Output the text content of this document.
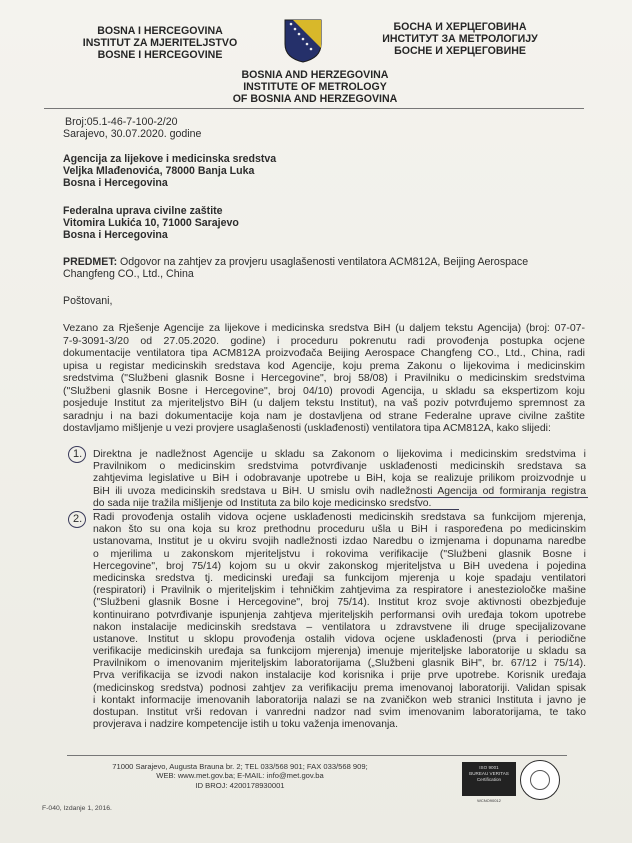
BOSNA I HERCEGOVINA
INSTITUT ZA MJERITELJSTVO
BOSNE I HERCEGOVINE
БОСНА И ХЕРЦЕГОВИНА
ИНСТИТУТ ЗА МЕТРОЛОГИЈУ
БОСНЕ И ХЕРЦЕГОВИНЕ
BOSNIA AND HERZEGOVINA
INSTITUTE OF METROLOGY
OF BOSNIA AND HERZEGOVINA
Broj:05.1-46-7-100-2/20
Sarajevo, 30.07.2020. godine
Agencija za lijekove i medicinska sredstva
Veljka Mlađenovića, 78000 Banja Luka
Bosna i Hercegovina
Federalna uprava civilne zaštite
Vitomira Lukića 10, 71000 Sarajevo
Bosna i Hercegovina
PREDMET: Odgovor na zahtjev za provjeru usaglašenosti ventilatora ACM812A, Beijing Aerospace
Changfeng CO., Ltd., China
Poštovani,
Vezano za Rješenje Agencije za lijekove i medicinska sredstva BiH (u daljem tekstu Agencija) (broj: 07-07-
7-9-3091-3/20 od 27.05.2020. godine) i proceduru pokrenutu radi provođenja postupka ocjene
dokumentacije ventilatora tipa ACM812A proizvođača Beijing Aerospace Changfeng CO., Ltd., China, radi
upisa u registar medicinskih sredstava kod Agencije, koju prema Zakonu o lijekovima i medicinskim
sredstvima ("Službeni glasnik Bosne i Hercegovine", broj 58/08) i Pravilniku o medicinskim sredstvima
("Službeni glasnik Bosne i Hercegovine", broj 04/10) provodi Agencija, u skladu sa ekspertizom koju
posjeduje Institut za mjeriteljstvo BiH (u daljem tekstu Institut), na vaš poziv potvrđujemo spremnost za
saradnju i na bazi dokumentacije koja nam je dostavljena od strane Federalne uprave civilne zaštite
dostavljamo mišljenje u vezi provjere usaglašenosti (usklađenosti) ventilatora tipa ACM812A, kako slijedi:
1. Direktna je nadležnost Agencije u skladu sa Zakonom o lijekovima i medicinskim sredstvima i
Pravilnikom o medicinskim sredstvima potvrđivanje usklađenosti medicinskih sredstava sa
zahtjevima legislative u BiH i odobravanje upotrebe u BiH, koja se realizuje prilikom proizvodnje u
BiH ili uvoza medicinskih sredstava u BiH. U smislu ovih nadležnosti Agencija od formiranja registra
do sada nije tražila mišljenje od Instituta za bilo koje medicinsko sredstvo.
2. Radi provođenja ostalih vidova ocjene usklađenosti medicinskih sredstava sa funkcijom mjerenja,
nakon što su ona koja su kroz prethodnu proceduru ušla u BiH i raspoređena po medicinskim
ustanovama, Institut je u okviru svojih nadležnosti izdao Naredbu o izmjenama i dopunama naredbe
o mjerilima u zakonskom mjeriteljstvu i rokovima verifikacije ("Službeni glasnik Bosne i
Hercegovine", broj 75/14) kojom su u okvir zakonskog mjeriteljstva u BiH uvedena i pojedina
medicinska sredstva tj. medicinski uređaji sa funkcijom mjerenja u koje spadaju ventilatori
(respiratori) i Pravilnik o mjeriteljskim i tehničkim zahtjevima za respiratore i anestezioločke mašine
("Službeni glasnik Bosne i Hercegovine", broj 75/14). Institut kroz svoje aktivnosti obezbjeđuje
kontinuirano potvrđivanje ispunjenja zahtjeva mjeriteljskih performansi ovih uređaja tokom upotrebe
nakon instalacije medicinskih sredstava – ventilatora u zdravstvene ili druge specijalizovane
ustanove. Institut u sklopu provođenja ostalih vidova ocjene usklađenosti (prva i periodične
verifikacije medicinskih uređaja sa funkcijom mjerenja) imenuje mjeriteljske laboratorije u skladu sa
Pravilnikom o imenovanim mjeriteljskim laboratorijama („Službeni glasnik BiH", br. 67/12 i 75/14).
Prva verifikacija se izvodi nakon instalacije kod korisnika i prije prve upotrebe. Korisnik uređaja
(medicinskog sredstva) podnosi zahtjev za verifikaciju prema imenovanoj laboratoriji. Validan spisak
i kontakt informacije imenovanih laboratorija nalazi se na zvaničkon web stranici Instituta i javno je
dostupan. Institut vrši redovan i vanredni nadzor nad svim imenovanim laboratorijama, te tako
provjerava i nadzire kompetencije istih u toku važenja imenovanja.
71000 Sarajevo, Augusta Brauna br. 2; TEL 033/568 901; FAX 033/568 909;
WEB: www.met.gov.ba; E-MAIL: info@met.gov.ba
ID BROJ: 4200178930001
ISO 9001
BUREAU VERITAS
Certification
WCNO90012
F-040, Izdanje 1, 2016.
